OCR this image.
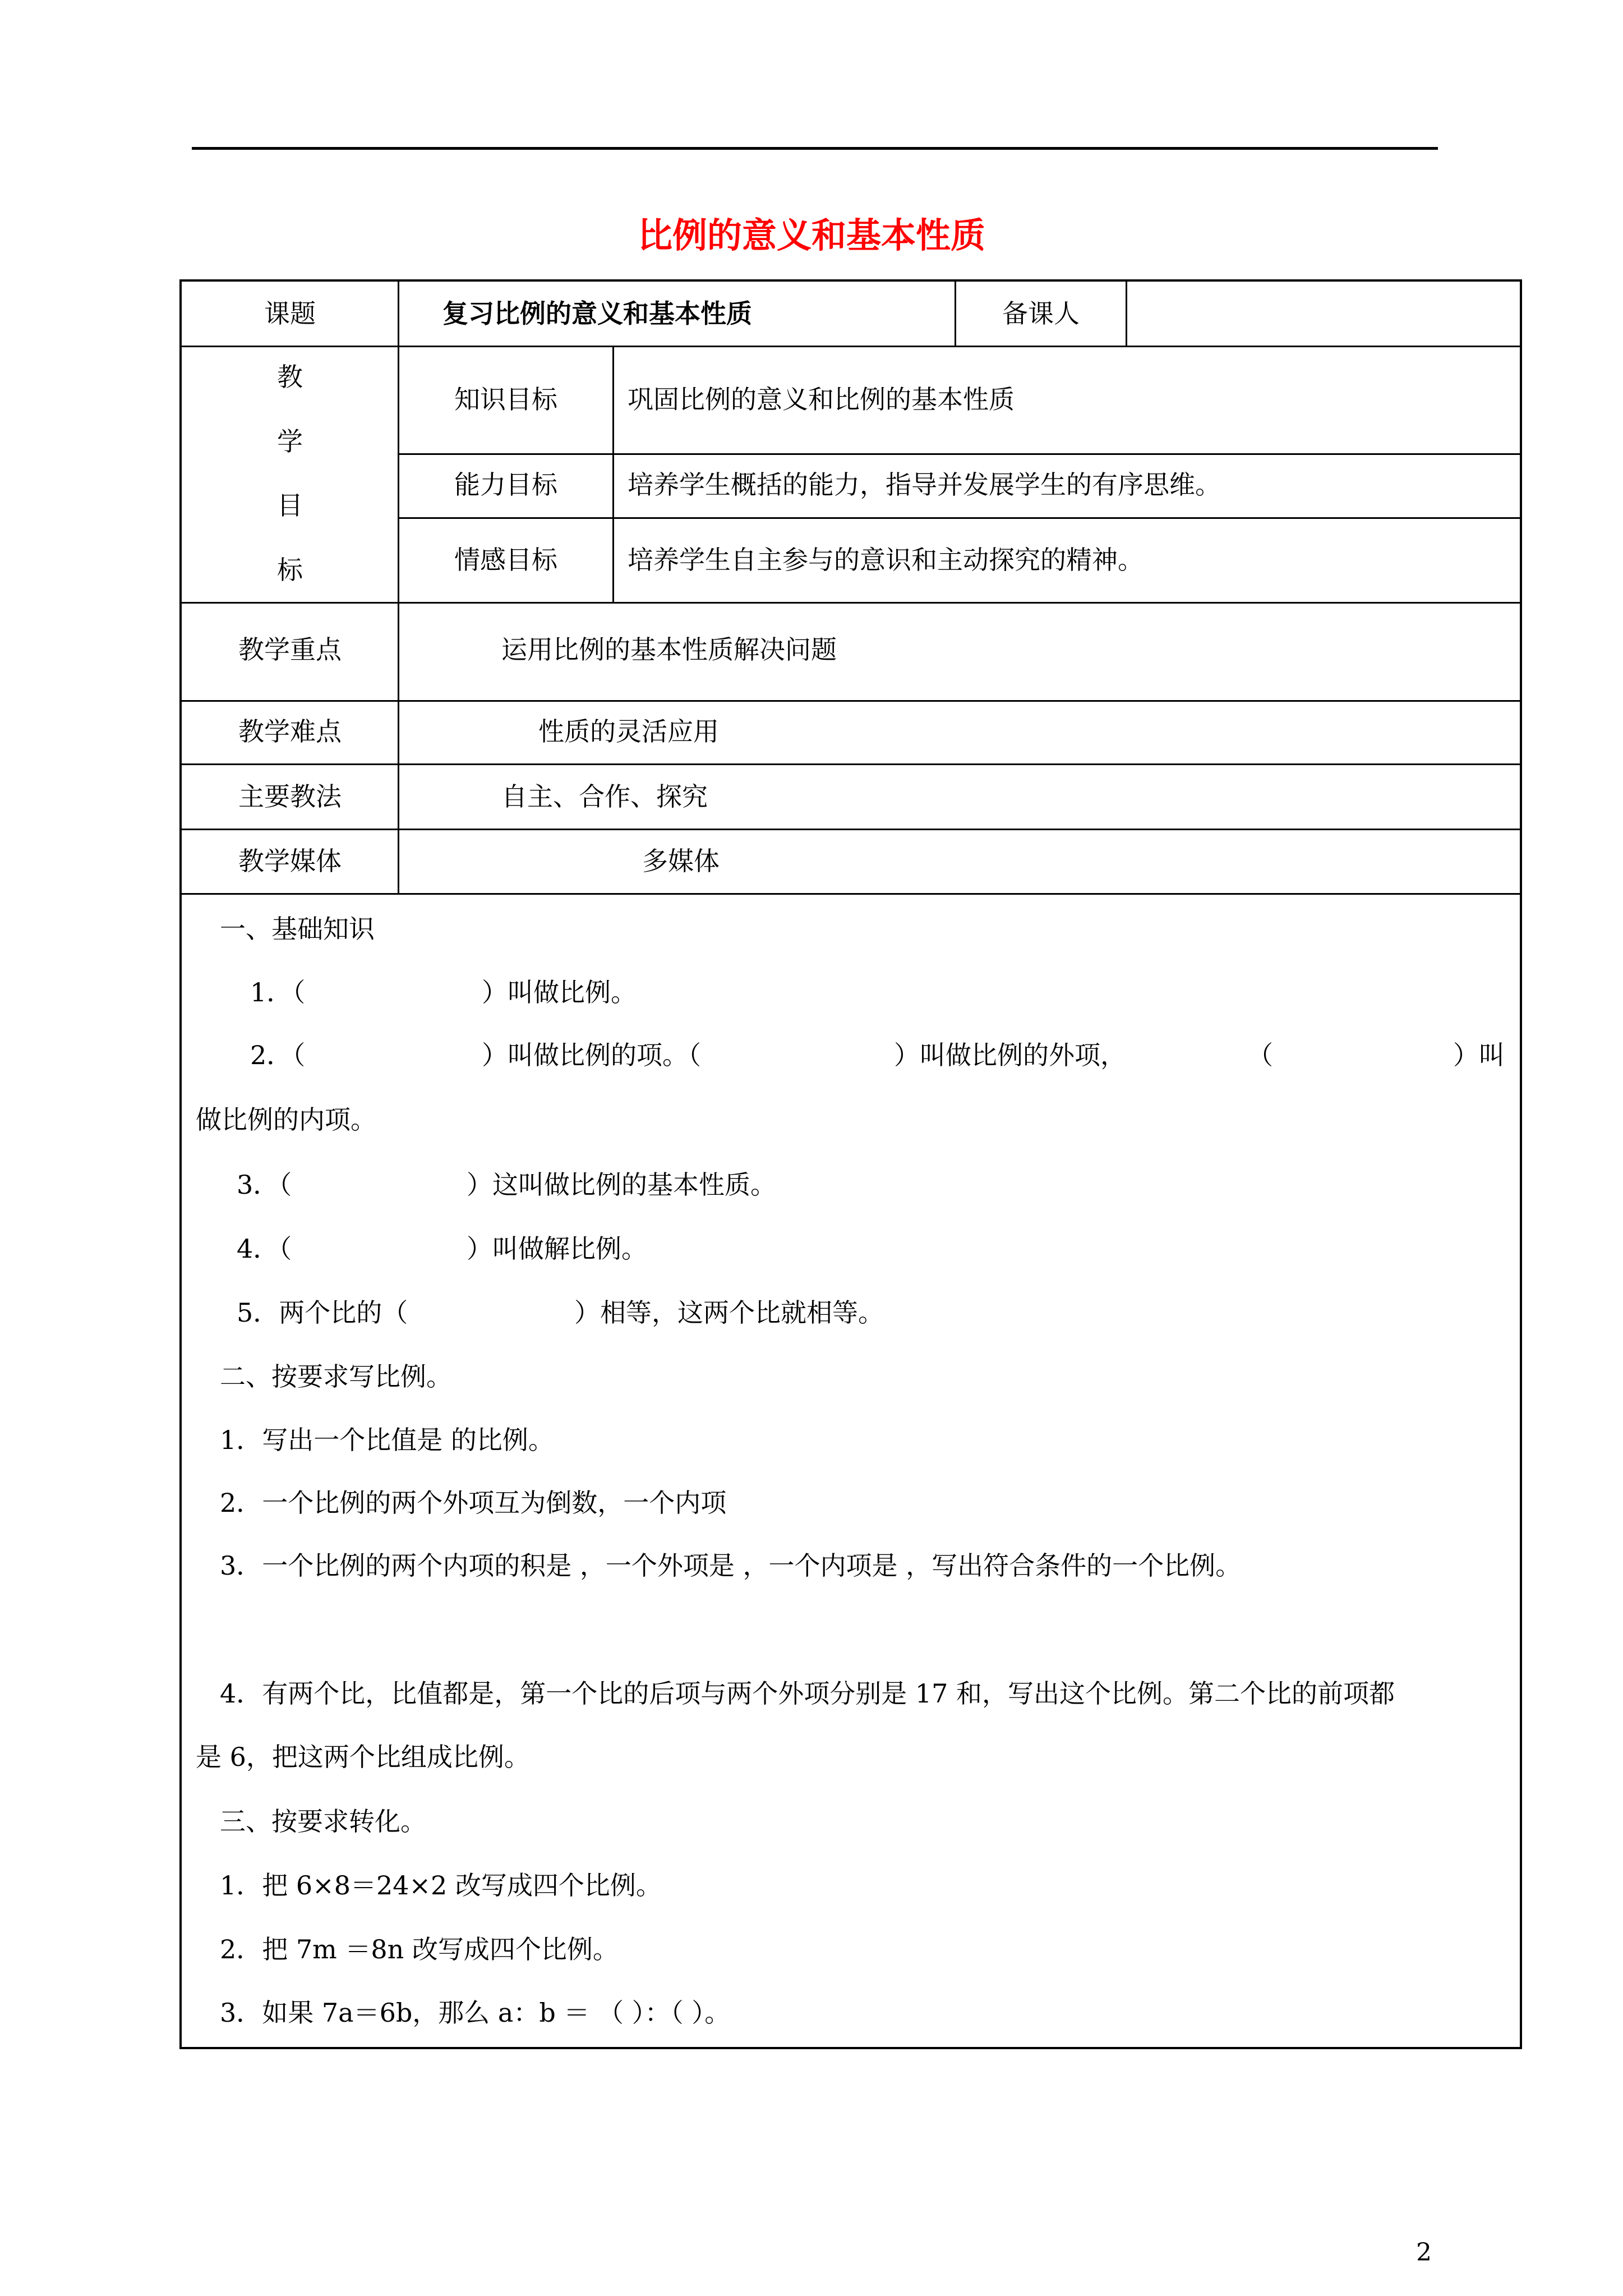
比例的意义和基本性质
课题	复习比例的意义和基本性质	备课人
教
学
目
标
知识目标	巩固比例的意义和比例的基本性质
能力目标	培养学生概括的能力，指导并发展学生的有序思维。
情感目标	培养学生自主参与的意识和主动探究的精神。
教学重点	运用比例的基本性质解决问题
教学难点	性质的灵活应用
主要教法	自主、合作、探究
教学媒体	多媒体
一、基础知识
1．（	）叫做比例。
2．（	）叫做比例的项。（	）叫做比例的外项，	（	）叫
做比例的内项。
3．（	）这叫做比例的基本性质。
4．（	）叫做解比例。
5．两个比的（	）相等，这两个比就相等。
二、按要求写比例。
1．写出一个比值是 的比例。
2．一个比例的两个外项互为倒数，一个内项
3．一个比例的两个内项的积是 ，一个外项是 ，一个内项是 ，写出符合条件的一个比例。
4．有两个比，比值都是，第一个比的后项与两个外项分别是 17 和，写出这个比例。第二个比的前项都
是 6，把这两个比组成比例。
三、按要求转化。
1．把 6×8＝24×2 改写成四个比例。
2．把 7m ＝8n 改写成四个比例。
3．如果 7a＝6b，那么 a：b ＝ （ ）：（ ）。
2
